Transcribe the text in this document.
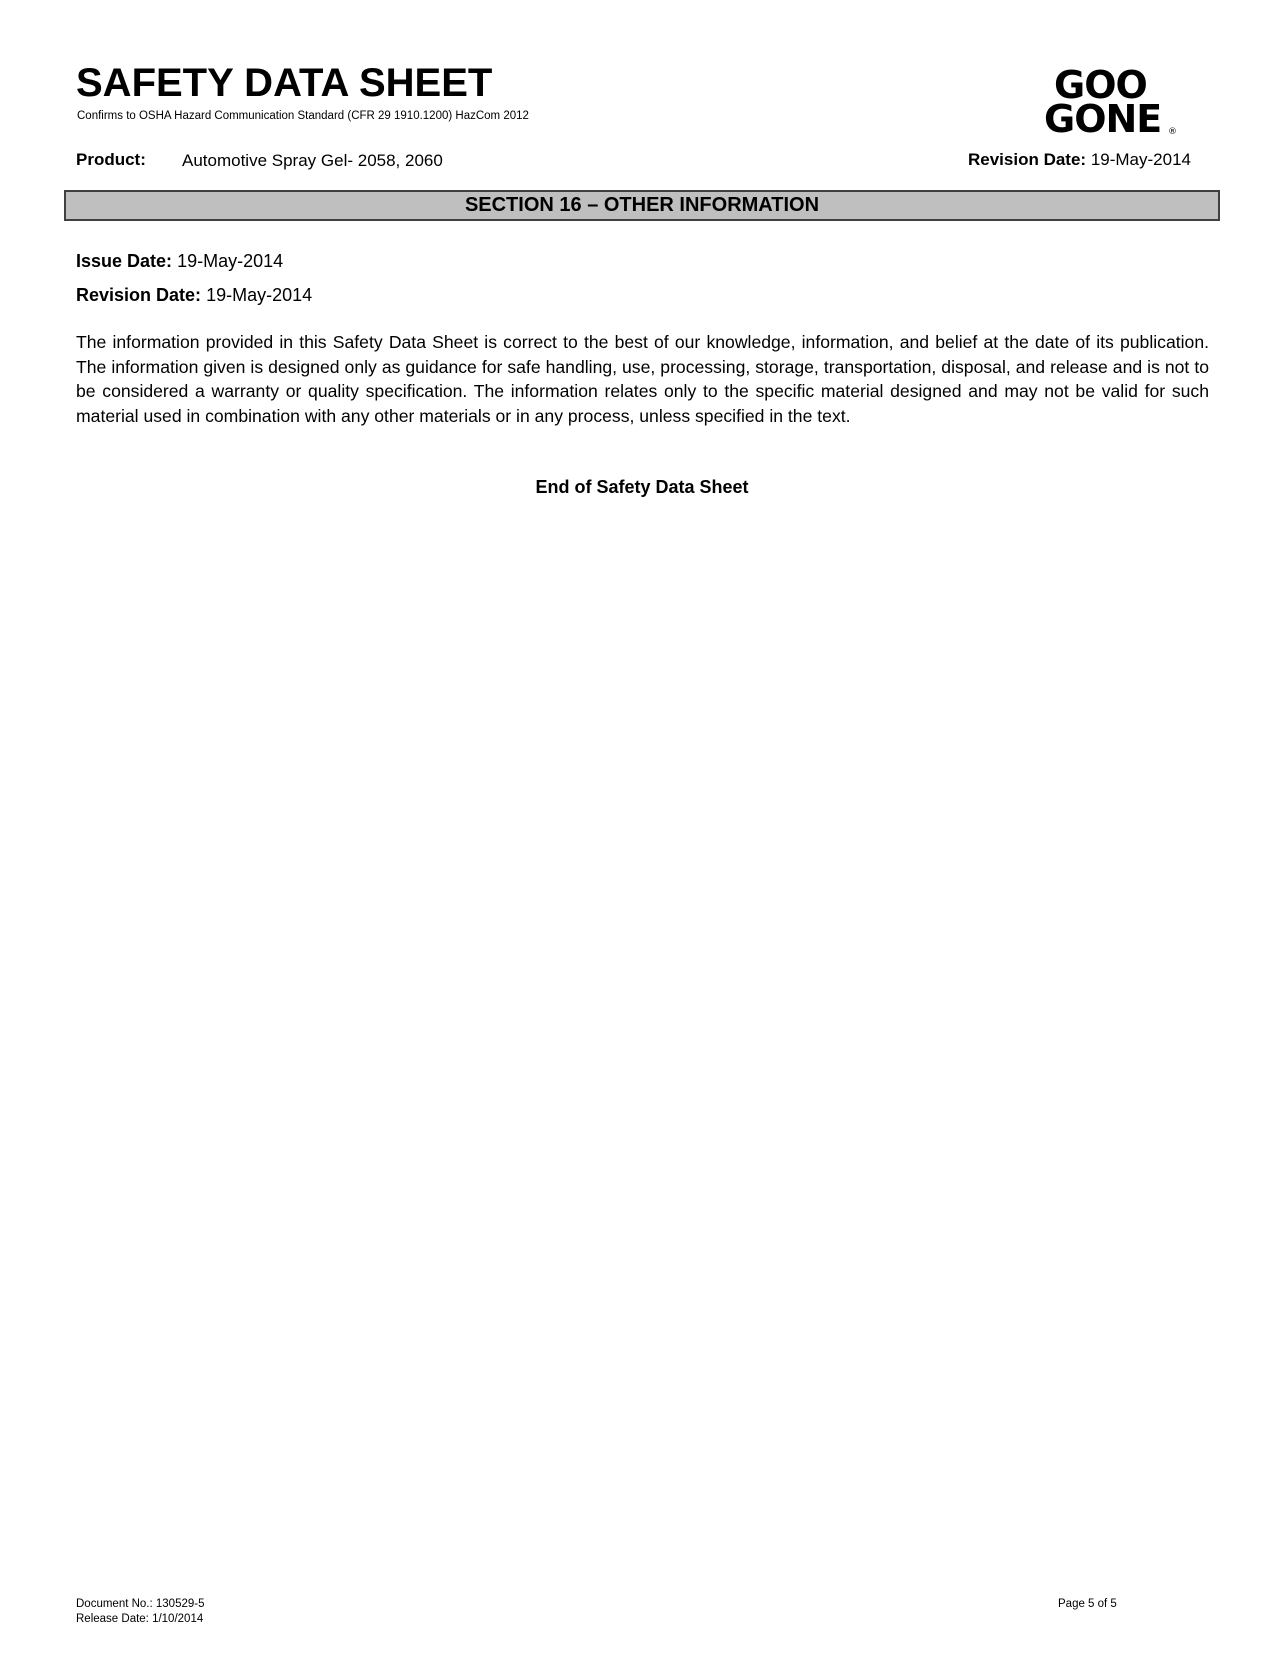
SAFETY DATA SHEET
Confirms to OSHA Hazard Communication Standard (CFR 29 1910.1200) HazCom 2012
GOO
GONE ®
Product: Automotive Spray Gel- 2058, 2060	Revision Date: 19-May-2014
SECTION 16 – OTHER INFORMATION
Issue Date: 19-May-2014
Revision Date: 19-May-2014

The information provided in this Safety Data Sheet is correct to the best of our knowledge, information, and belief at the date of its publication. The information given is designed only as guidance for safe handling, use, processing, storage, transportation, disposal, and release and is not to be considered a warranty or quality specification. The information relates only to the specific material designed and may not be valid for such material used in combination with any other materials or in any process, unless specified in the text.

End of Safety Data Sheet
Document No.: 130529-5
Release Date: 1/10/2014
Page 5 of 5
